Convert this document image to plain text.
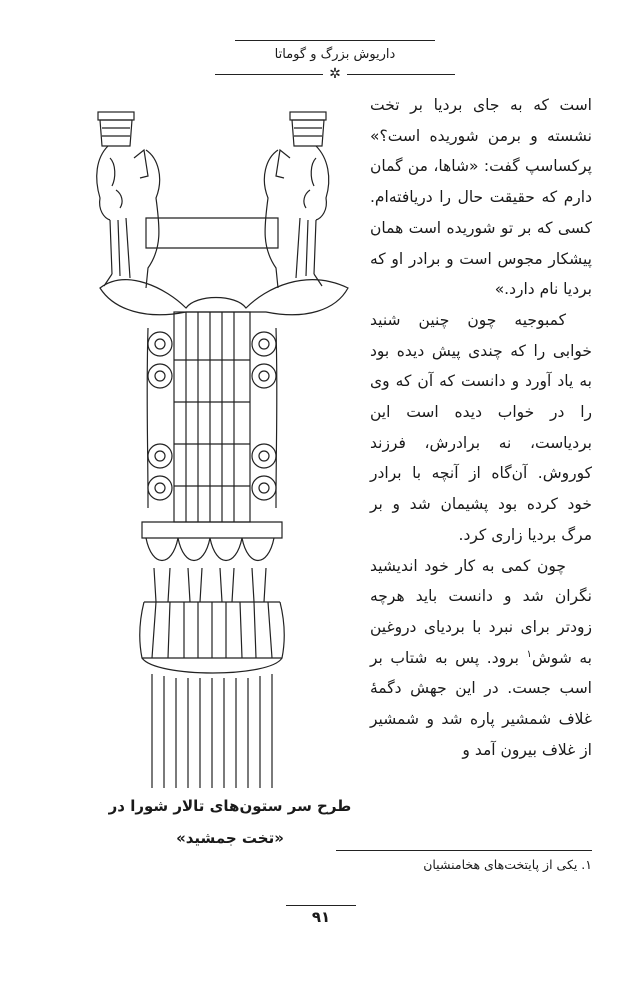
داریوش بزرگ و گوماتا
✲
طرح سر ستون‌های تالار شورا در
«تخت جمشید»

است که به جای بردیا بر تخت نشسته و برمن شوریده است؟» پرکساسپ گفت: «شاها، من گمان دارم که حقیقت حال را دریافته‌ام. کسی که بر تو شوریده است همان پیشکار مجوس است و برادر او که بردیا نام دارد.»

کمبوجیه چون چنین شنید خوابی را که چندی پیش دیده بود به یاد آورد و دانست که آن که وی را در خواب دیده است این بردیاست، نه برادرش، فرزند کوروش. آن‌گاه از آنچه با برادر خود کرده بود پشیمان شد و بر مرگ بردیا زاری کرد.

چون کمی به کار خود اندیشید نگران شد و دانست باید هرچه زودتر برای نبرد با بردیای دروغین به شوش$^۱$ برود. پس به شتاب بر اسب جست. در این جهش دگمهٔ غلاف شمشیر پاره شد و شمشیر از غلاف بیرون آمد و

۱. یکی از پایتخت‌های هخامنشیان
۹۱
